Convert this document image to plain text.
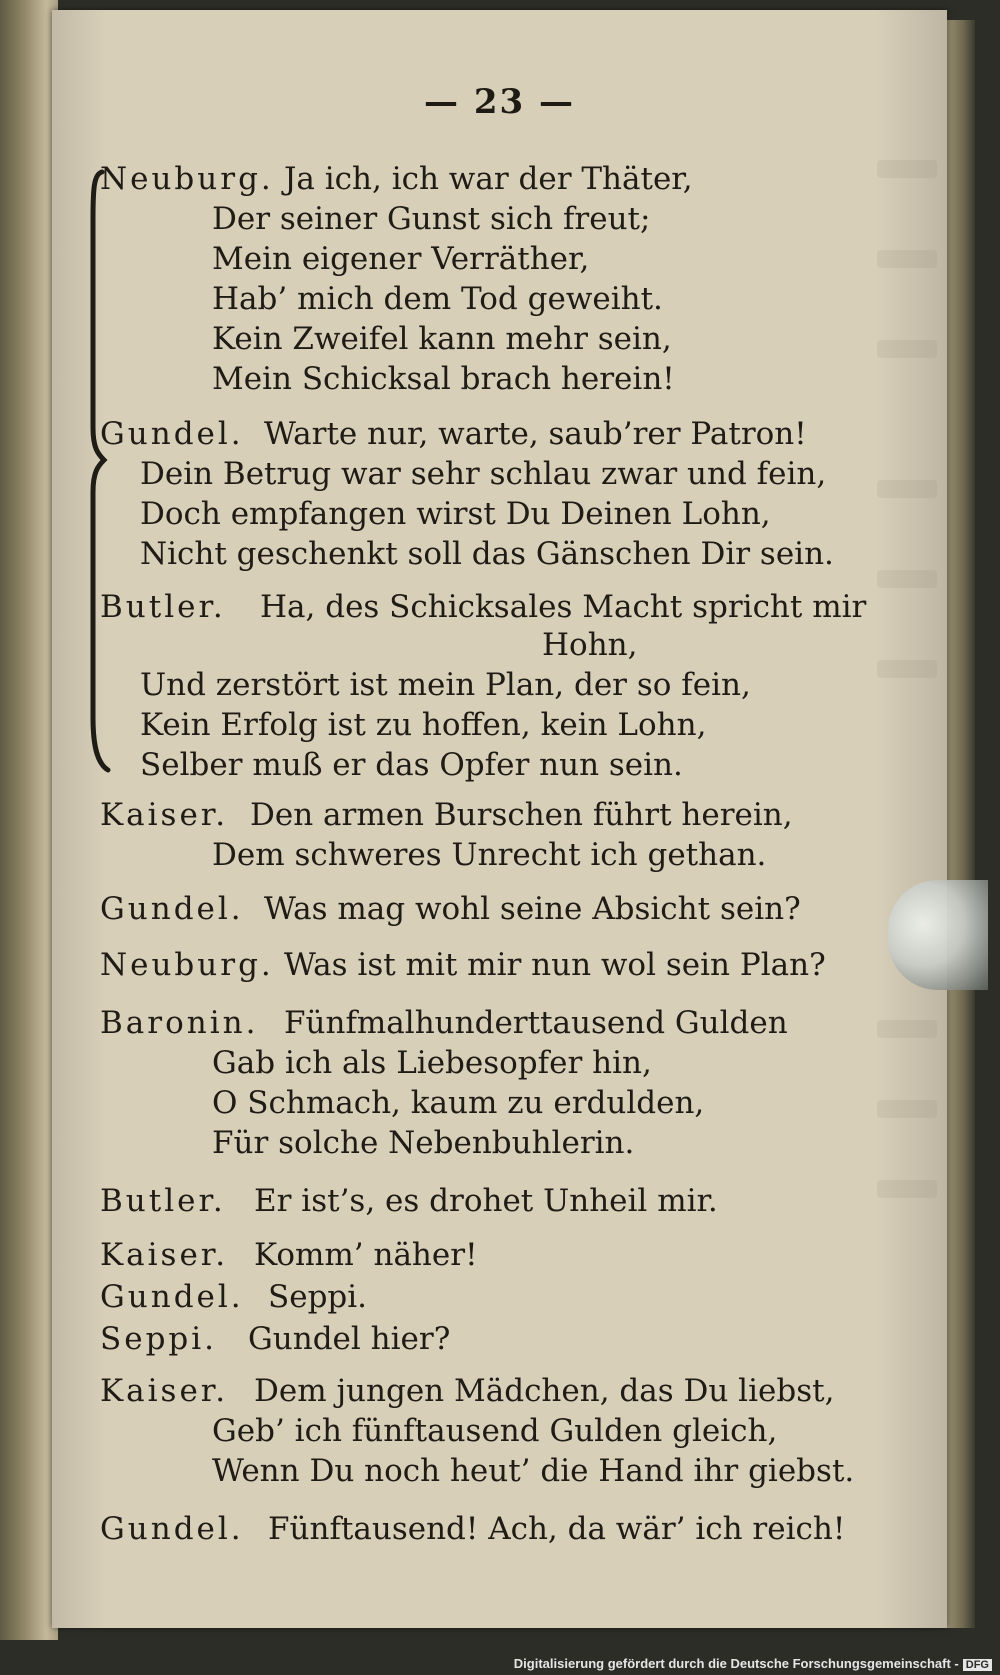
— 23 —
Neuburg. Ja ich, ich war der Thäter,
Der seiner Gunst sich freut;
Mein eigener Verräther,
Hab’ mich dem Tod geweiht.
Kein Zweifel kann mehr sein,
Mein Schicksal brach herein!
Gundel. Warte nur, warte, saub’rer Patron!
Dein Betrug war sehr schlau zwar und fein,
Doch empfangen wirst Du Deinen Lohn,
Nicht geschenkt soll das Gänschen Dir sein.
Butler. Ha, des Schicksales Macht spricht mir
Hohn,
Und zerstört ist mein Plan, der so fein,
Kein Erfolg ist zu hoffen, kein Lohn,
Selber muß er das Opfer nun sein.
Kaiser. Den armen Burschen führt herein,
Dem schweres Unrecht ich gethan.
Gundel. Was mag wohl seine Absicht sein?
Neuburg. Was ist mit mir nun wol sein Plan?
Baronin. Fünfmalhunderttausend Gulden
Gab ich als Liebesopfer hin,
O Schmach, kaum zu erdulden,
Für solche Nebenbuhlerin.
Butler. Er ist’s, es drohet Unheil mir.
Kaiser. Komm’ näher!
Gundel. Seppi.
Seppi. Gundel hier?
Kaiser. Dem jungen Mädchen, das Du liebst,
Geb’ ich fünftausend Gulden gleich,
Wenn Du noch heut’ die Hand ihr giebst.
Gundel. Fünftausend! Ach, da wär’ ich reich!
Digitalisierung gefördert durch die Deutsche Forschungsgemeinschaft - DFG
